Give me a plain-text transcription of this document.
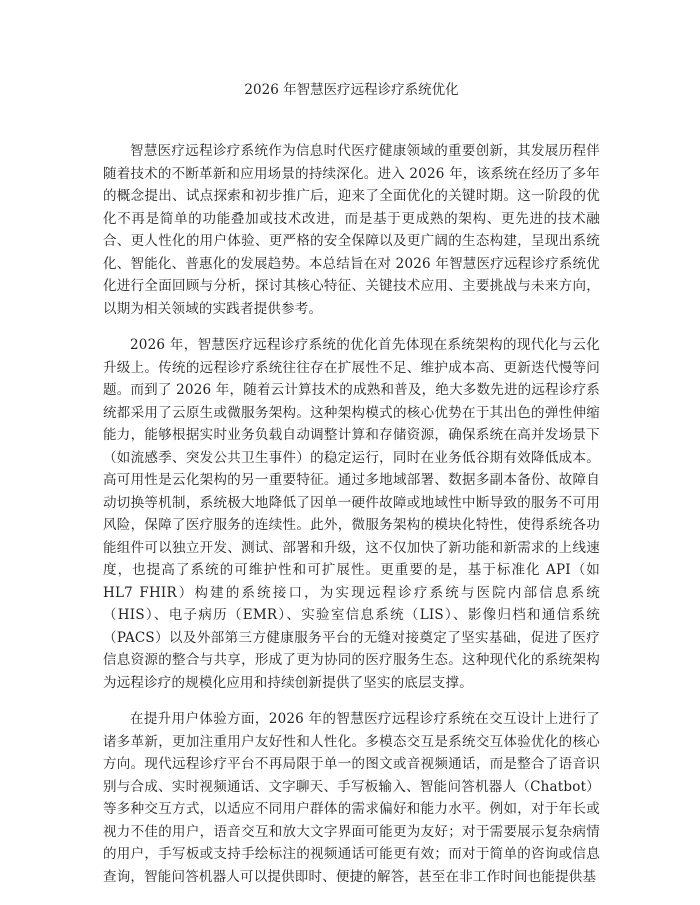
2026 年智慧医疗远程诊疗系统优化

智慧医疗远程诊疗系统作为信息时代医疗健康领域的重要创新，其发展历程伴随着技术的不断革新和应用场景的持续深化。进入 2026 年，该系统在经历了多年的概念提出、试点探索和初步推广后，迎来了全面优化的关键时期。这一阶段的优化不再是简单的功能叠加或技术改进，而是基于更成熟的架构、更先进的技术融合、更人性化的用户体验、更严格的安全保障以及更广阔的生态构建，呈现出系统化、智能化、普惠化的发展趋势。本总结旨在对 2026 年智慧医疗远程诊疗系统优化进行全面回顾与分析，探讨其核心特征、关键技术应用、主要挑战与未来方向，以期为相关领域的实践者提供参考。

2026 年，智慧医疗远程诊疗系统的优化首先体现在系统架构的现代化与云化升级上。传统的远程诊疗系统往往存在扩展性不足、维护成本高、更新迭代慢等问题。而到了 2026 年，随着云计算技术的成熟和普及，绝大多数先进的远程诊疗系统都采用了云原生或微服务架构。这种架构模式的核心优势在于其出色的弹性伸缩能力，能够根据实时业务负载自动调整计算和存储资源，确保系统在高并发场景下（如流感季、突发公共卫生事件）的稳定运行，同时在业务低谷期有效降低成本。高可用性是云化架构的另一重要特征。通过多地域部署、数据多副本备份、故障自动切换等机制，系统极大地降低了因单一硬件故障或地域性中断导致的服务不可用风险，保障了医疗服务的连续性。此外，微服务架构的模块化特性，使得系统各功能组件可以独立开发、测试、部署和升级，这不仅加快了新功能和新需求的上线速度，也提高了系统的可维护性和可扩展性。更重要的是，基于标准化 API（如 HL7 FHIR）构建的系统接口，为实现远程诊疗系统与医院内部信息系统（HIS）、电子病历（EMR）、实验室信息系统（LIS）、影像归档和通信系统（PACS）以及外部第三方健康服务平台的无缝对接奠定了坚实基础，促进了医疗信息资源的整合与共享，形成了更为协同的医疗服务生态。这种现代化的系统架构为远程诊疗的规模化应用和持续创新提供了坚实的底层支撑。

在提升用户体验方面，2026 年的智慧医疗远程诊疗系统在交互设计上进行了诸多革新，更加注重用户友好性和人性化。多模态交互是系统交互体验优化的核心方向。现代远程诊疗平台不再局限于单一的图文或音视频通话，而是整合了语音识别与合成、实时视频通话、文字聊天、手写板输入、智能问答机器人（Chatbot）等多种交互方式，以适应不同用户群体的需求偏好和能力水平。例如，对于年长或视力不佳的用户，语音交互和放大文字界面可能更为友好；对于需要展示复杂病情的用户，手写板或支持手绘标注的视频通话可能更有效；而对于简单的咨询或信息查询，智能问答机器人可以提供即时、便捷的解答，甚至在非工作时间也能提供基
